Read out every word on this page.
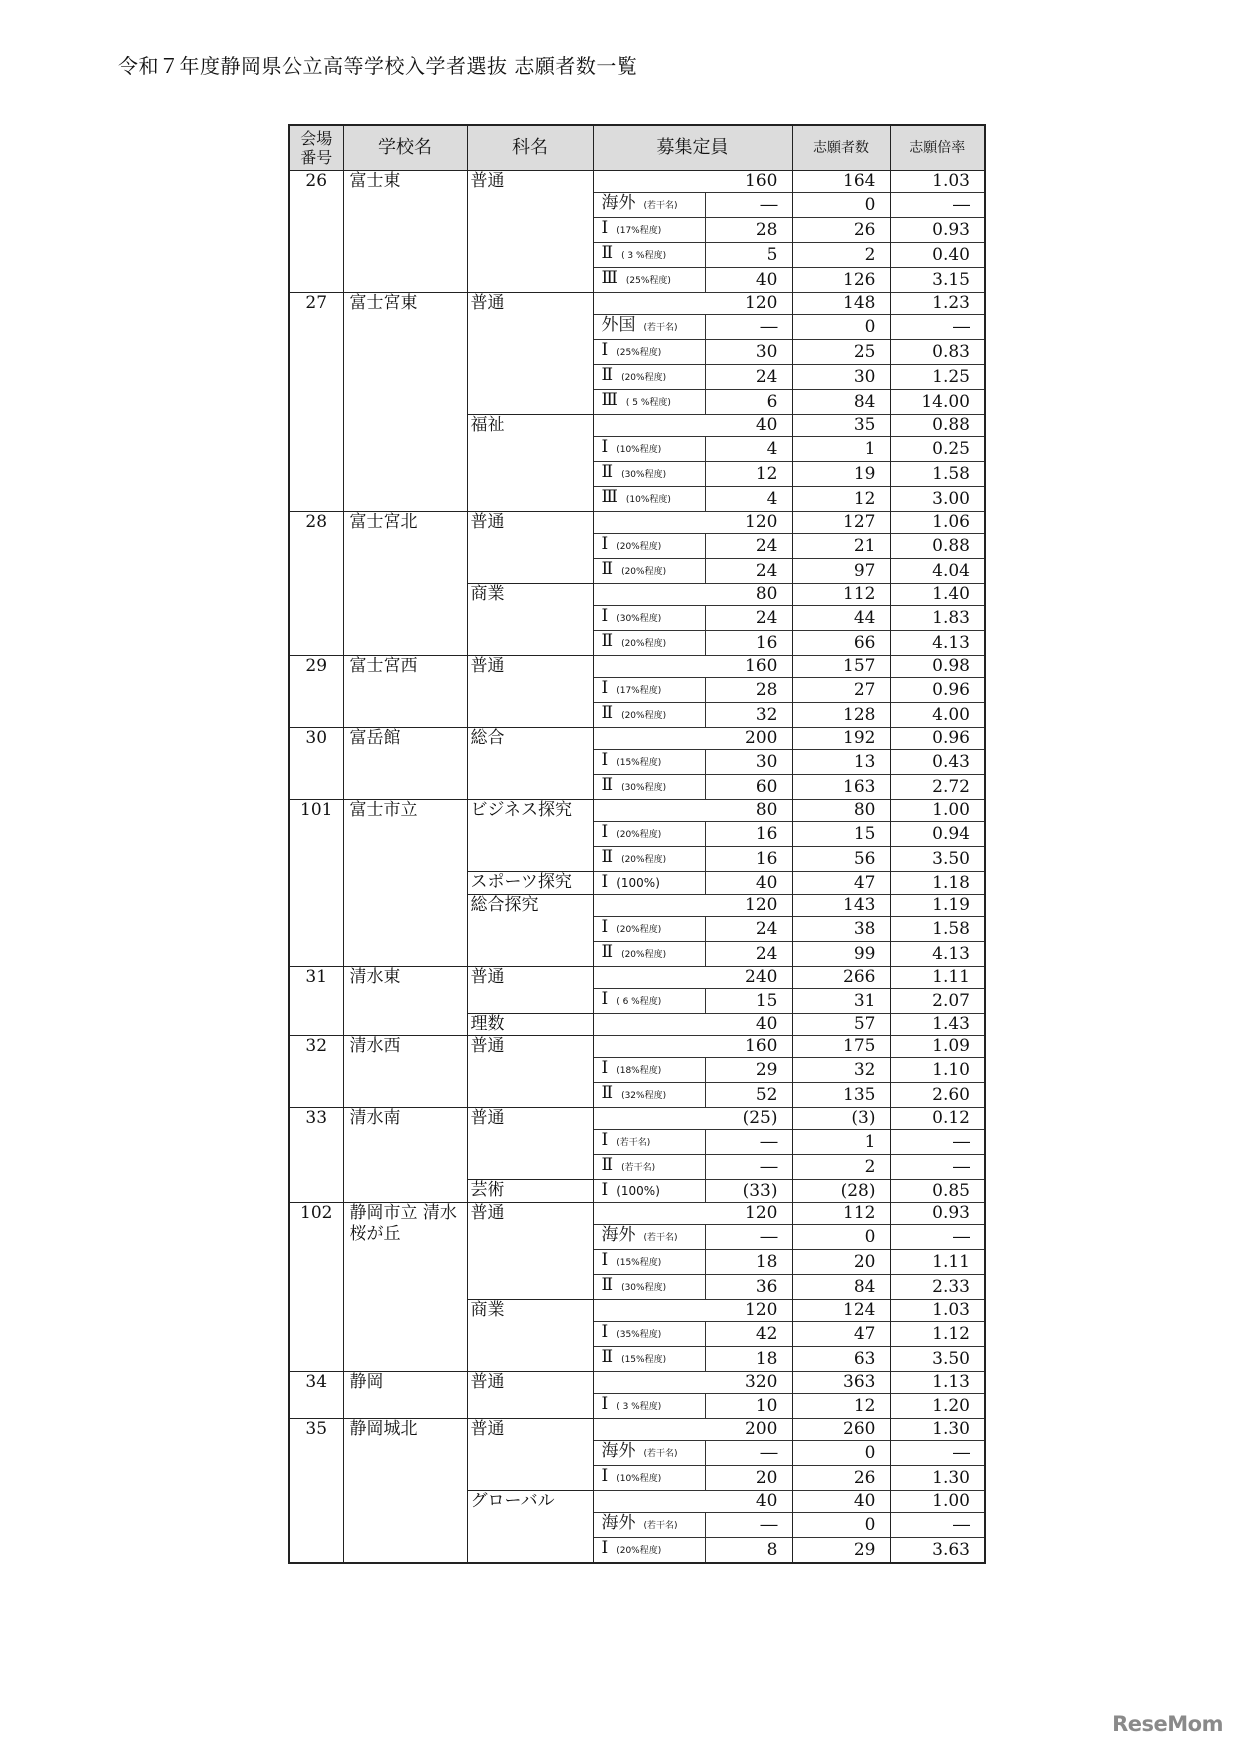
令和７年度静岡県公立高等学校入学者選抜 志願者数一覧
会場番号	学校名	科名	募集定員		志願者数	志願倍率
26	富士東	普通		160	164	1.03
			海外 (若干名)	―	0	―
			Ⅰ (17%程度)	28	26	0.93
			Ⅱ ( 3 %程度)	5	2	0.40
			Ⅲ (25%程度)	40	126	3.15
27	富士宮東	普通		120	148	1.23
			外国 (若干名)	―	0	―
			Ⅰ (25%程度)	30	25	0.83
			Ⅱ (20%程度)	24	30	1.25
			Ⅲ ( 5 %程度)	6	84	14.00
		福祉		40	35	0.88
			Ⅰ (10%程度)	4	1	0.25
			Ⅱ (30%程度)	12	19	1.58
			Ⅲ (10%程度)	4	12	3.00
28	富士宮北	普通		120	127	1.06
			Ⅰ (20%程度)	24	21	0.88
			Ⅱ (20%程度)	24	97	4.04
		商業		80	112	1.40
			Ⅰ (30%程度)	24	44	1.83
			Ⅱ (20%程度)	16	66	4.13
29	富士宮西	普通		160	157	0.98
			Ⅰ (17%程度)	28	27	0.96
			Ⅱ (20%程度)	32	128	4.00
30	富岳館	総合		200	192	0.96
			Ⅰ (15%程度)	30	13	0.43
			Ⅱ (30%程度)	60	163	2.72
101	富士市立	ビジネス探究		80	80	1.00
			Ⅰ (20%程度)	16	15	0.94
			Ⅱ (20%程度)	16	56	3.50
		スポーツ探究	Ⅰ (100%)	40	47	1.18
		総合探究		120	143	1.19
			Ⅰ (20%程度)	24	38	1.58
			Ⅱ (20%程度)	24	99	4.13
31	清水東	普通		240	266	1.11
			Ⅰ ( 6 %程度)	15	31	2.07
		理数		40	57	1.43
32	清水西	普通		160	175	1.09
			Ⅰ (18%程度)	29	32	1.10
			Ⅱ (32%程度)	52	135	2.60
33	清水南	普通		(25)	(3)	0.12
			Ⅰ (若干名)	―	1	―
			Ⅱ (若干名)	―	2	―
		芸術	Ⅰ (100%)	(33)	(28)	0.85
102	静岡市立 清水桜が丘	普通		120	112	0.93
			海外 (若干名)	―	0	―
			Ⅰ (15%程度)	18	20	1.11
			Ⅱ (30%程度)	36	84	2.33
		商業		120	124	1.03
			Ⅰ (35%程度)	42	47	1.12
			Ⅱ (15%程度)	18	63	3.50
34	静岡	普通		320	363	1.13
			Ⅰ ( 3 %程度)	10	12	1.20
35	静岡城北	普通		200	260	1.30
			海外 (若干名)	―	0	―
			Ⅰ (10%程度)	20	26	1.30
		グローバル		40	40	1.00
			海外 (若干名)	―	0	―
			Ⅰ (20%程度)	8	29	3.63
ReseMom
